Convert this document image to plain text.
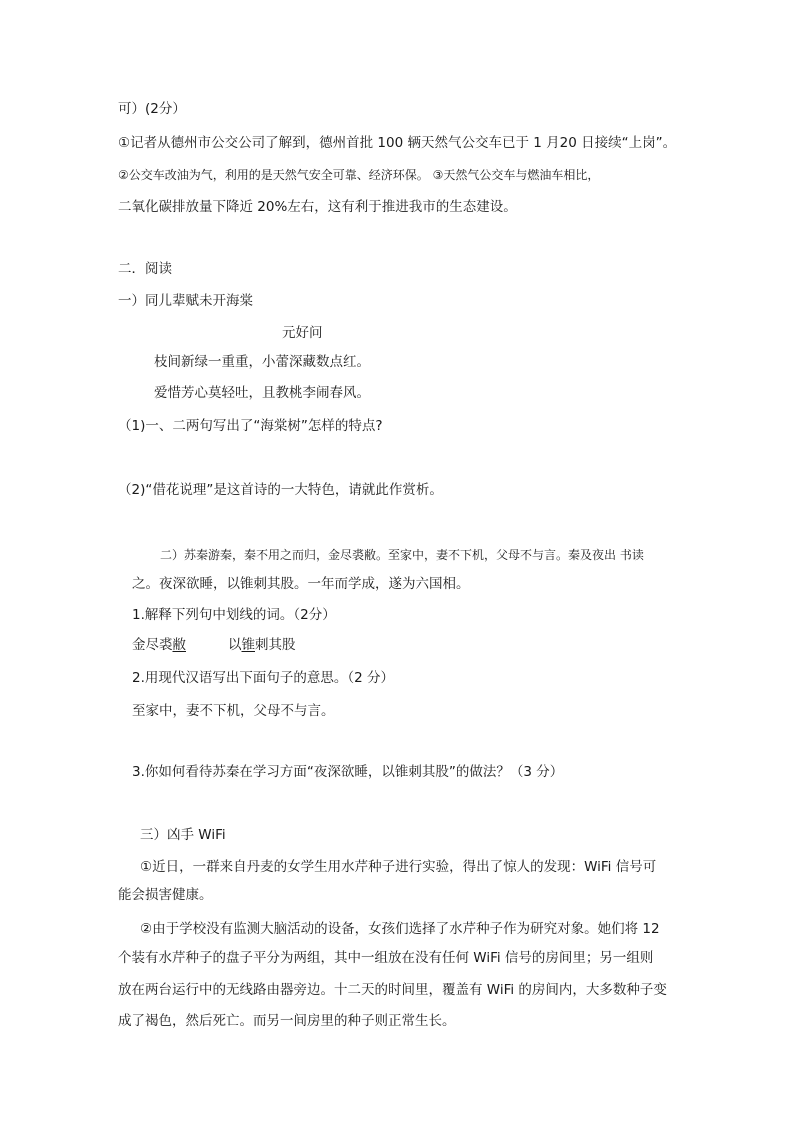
可）(2分）
①记者从德州市公交公司了解到，德州首批 100 辆天然气公交车已于 1 月20 日接续“上岗”。
②公交车改油为气，利用的是天然气安全可靠、经济环保。 ③天然气公交车与燃油车相比，
二氧化碳排放量下降近 20%左右，这有利于推进我市的生态建设。
二．阅读
一）同儿辈赋未开海棠
元好问
枝间新绿一重重，小蕾深藏数点红。
爱惜芳心莫轻吐，且教桃李闹春风。
（1)一、二两句写出了“海棠树”怎样的特点?
（2)“借花说理”是这首诗的一大特色，请就此作赏析。
二）苏秦游秦，秦不用之而归，金尽裘敝。至家中，妻不下机，父母不与言。秦及夜出 书读
之。夜深欲睡，以锥刺其股。一年而学成，遂为六国相。
1.解释下列句中划线的词。（2分）
金尽裘敝	以锥刺其股
2.用现代汉语写出下面句子的意思。（2 分）
至家中，妻不下机，父母不与言。
3.你如何看待苏秦在学习方面“夜深欲睡，以锥刺其股”的做法？（3 分）
三）凶手 WiFi
①近日，一群来自丹麦的女学生用水芹种子进行实验，得出了惊人的发现：WiFi 信号可
能会损害健康。
②由于学校没有监测大脑活动的设备，女孩们选择了水芹种子作为研究对象。她们将 12
个装有水芹种子的盘子平分为两组，其中一组放在没有任何 WiFi 信号的房间里；另一组则
放在两台运行中的无线路由器旁边。十二天的时间里，覆盖有 WiFi 的房间内，大多数种子变
成了褐色，然后死亡。而另一间房里的种子则正常生长。
